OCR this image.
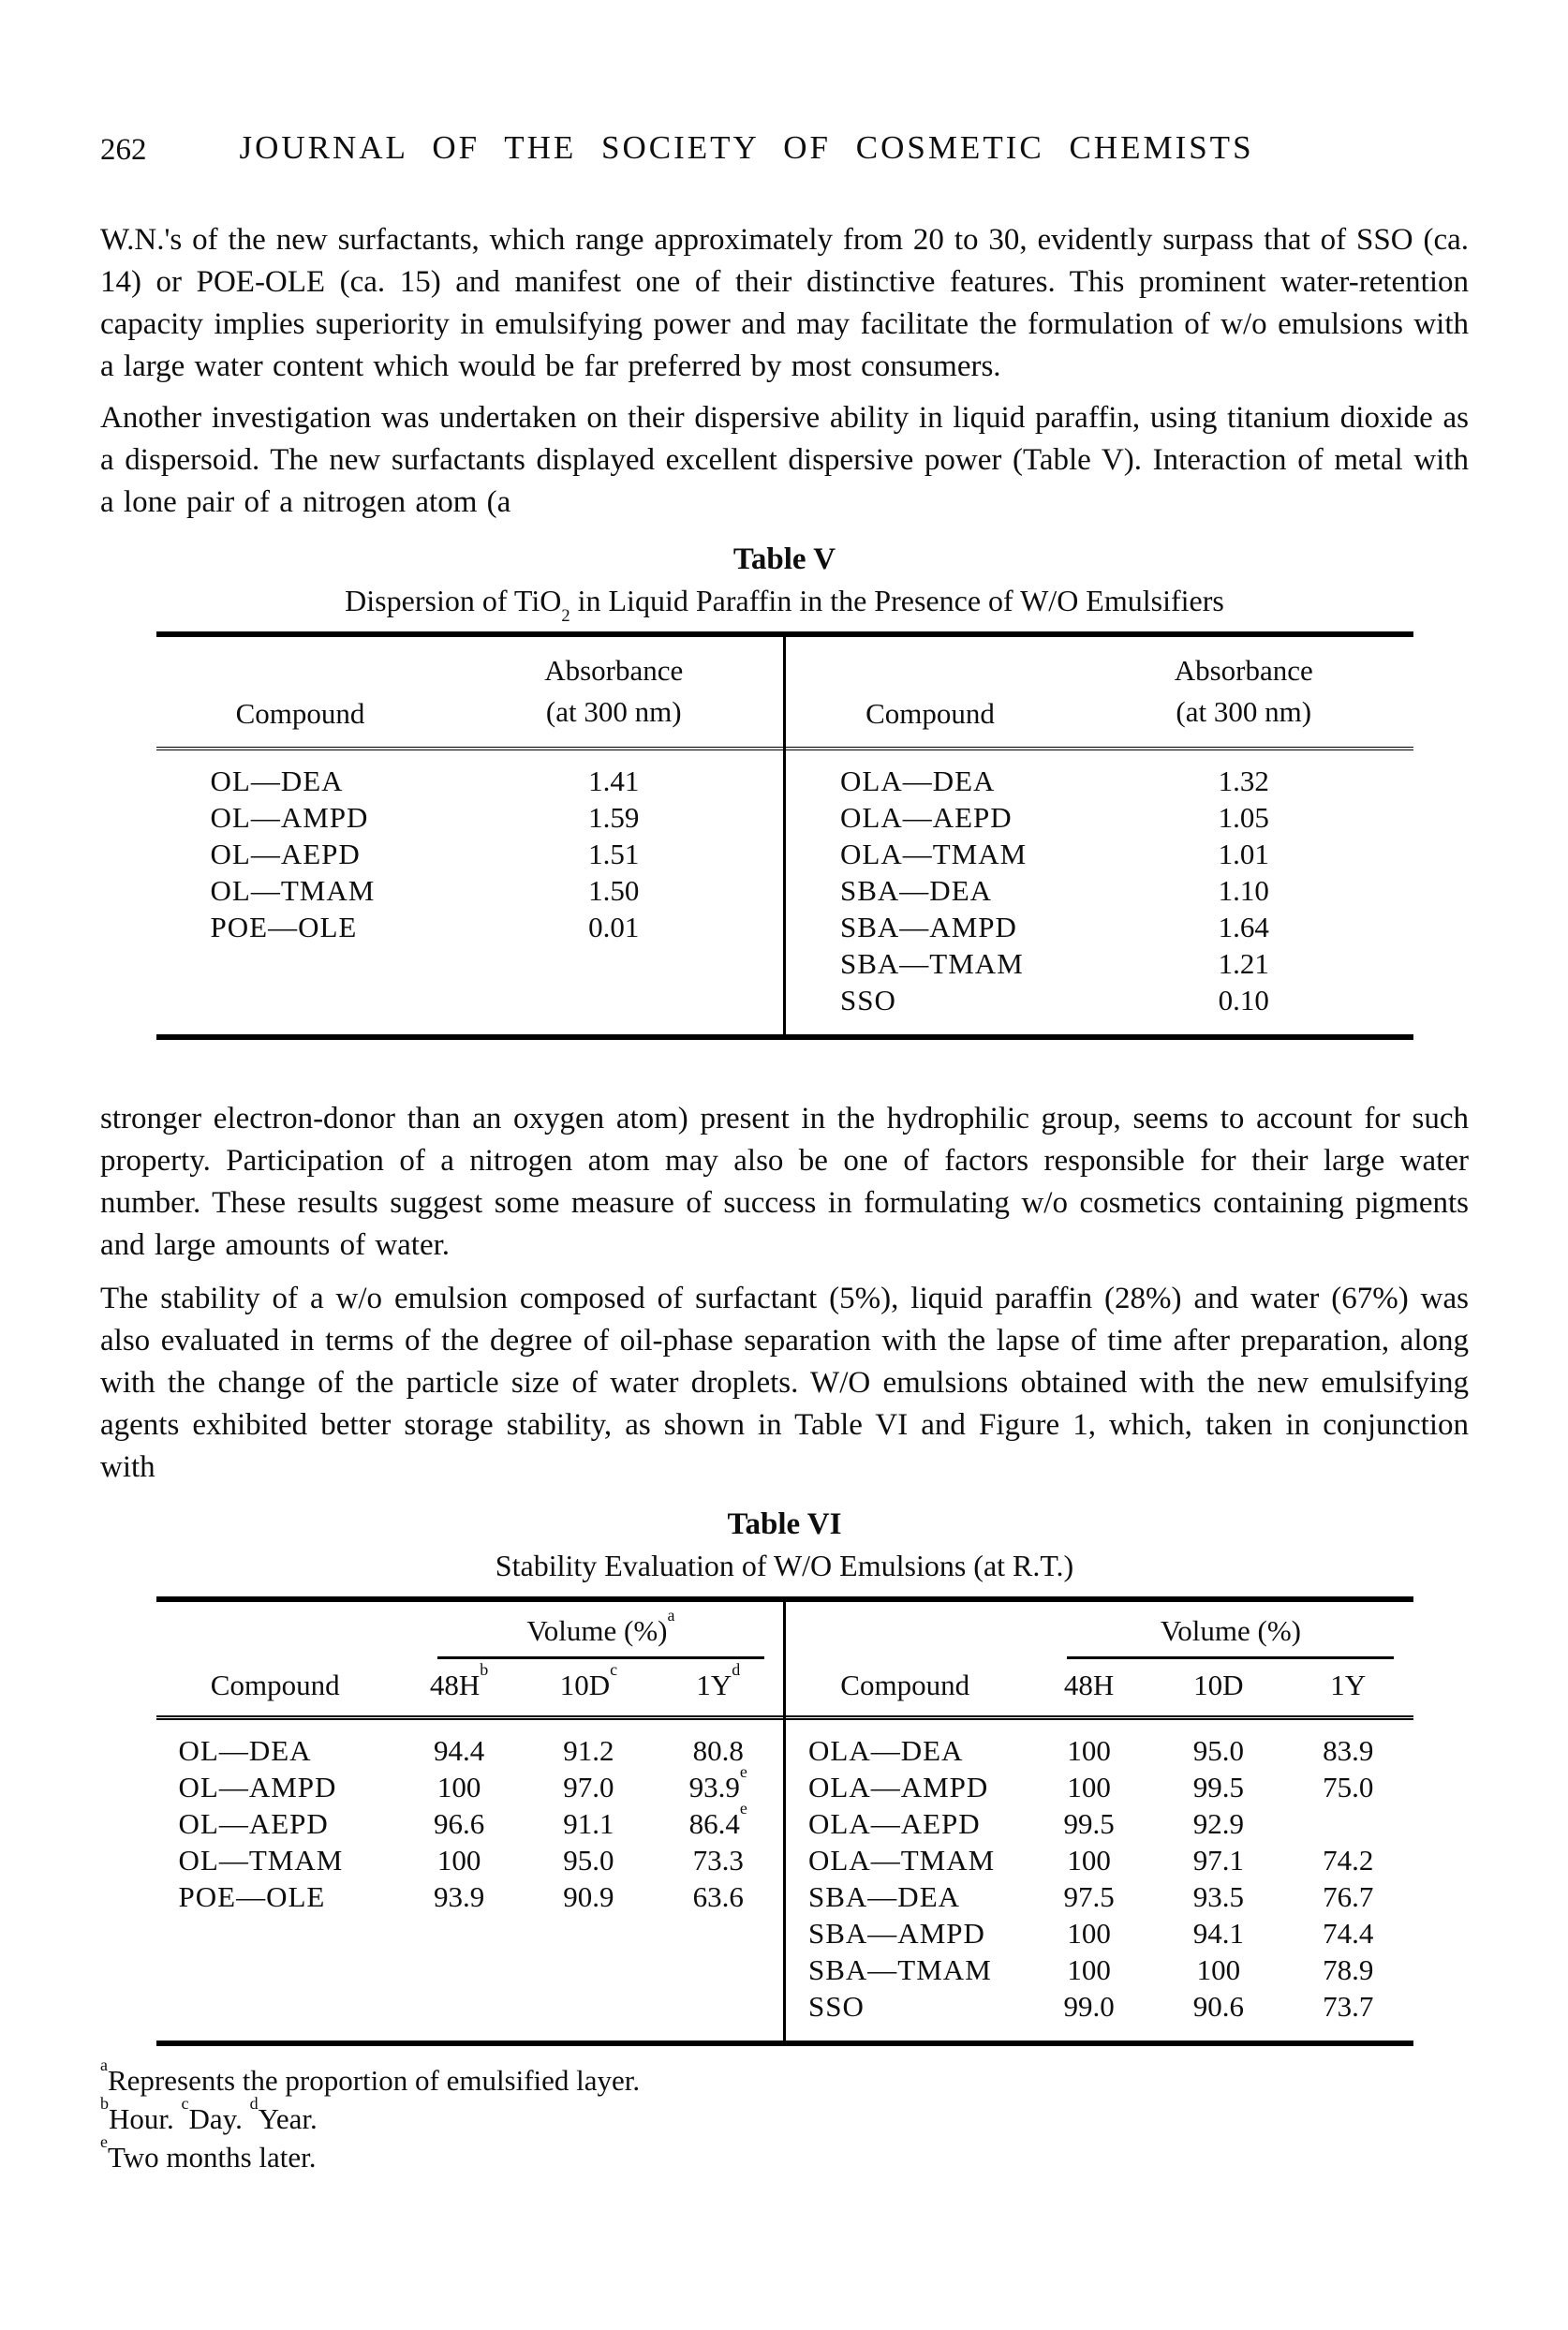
262	JOURNAL OF THE SOCIETY OF COSMETIC CHEMISTS

W.N.'s of the new surfactants, which range approximately from 20 to 30, evidently surpass that of SSO (ca. 14) or POE-OLE (ca. 15) and manifest one of their distinctive features. This prominent water-retention capacity implies superiority in emulsifying power and may facilitate the formulation of w/o emulsions with a large water content which would be far preferred by most consumers.

Another investigation was undertaken on their dispersive ability in liquid paraffin, using titanium dioxide as a dispersoid. The new surfactants displayed excellent dispersive power (Table V). Interaction of metal with a lone pair of a nitrogen atom (a

Table V
Dispersion of TiO$_2$ in Liquid Paraffin in the Presence of W/O Emulsifiers
Compound
Absorbance
(at 300 nm)
OL—DEA	1.41
OL—AMPD	1.59
OL—AEPD	1.51
OL—TMAM	1.50
POE—OLE	0.01
Compound
Absorbance
(at 300 nm)
OLA—DEA	1.32
OLA—AEPD	1.05
OLA—TMAM	1.01
SBA—DEA	1.10
SBA—AMPD	1.64
SBA—TMAM	1.21
SSO	0.10

stronger electron-donor than an oxygen atom) present in the hydrophilic group, seems to account for such property. Participation of a nitrogen atom may also be one of factors responsible for their large water number. These results suggest some measure of success in formulating w/o cosmetics containing pigments and large amounts of water.

The stability of a w/o emulsion composed of surfactant (5%), liquid paraffin (28%) and water (67%) was also evaluated in terms of the degree of oil-phase separation with the lapse of time after preparation, along with the change of the particle size of water droplets. W/O emulsions obtained with the new emulsifying agents exhibited better storage stability, as shown in Table VI and Figure 1, which, taken in conjunction with

Table VI
Stability Evaluation of W/O Emulsions (at R.T.)
Volume (%)$^a$
Compound	$48H^b$	$10D^c$	$1Y^d$
OL—DEA	94.4	91.2	80.8
OL—AMPD	100	97.0	93.9e
OL—AEPD	96.6	91.1	86.4e
OL—TMAM	100	95.0	73.3
POE—OLE	93.9	90.9	63.6
Volume (%)
Compound	48H	10D	1Y
OLA—DEA	100	95.0	83.9
OLA—AMPD	100	99.5	75.0
OLA—AEPD	99.5	92.9
OLA—TMAM	100	97.1	74.2
SBA—DEA	97.5	93.5	76.7
SBA—AMPD	100	94.1	74.4
SBA—TMAM	100	100	78.9
SSO	99.0	90.6	73.7
$^a$Represents the proportion of emulsified layer.
$^b$Hour. $^c$Day. $^d$Year.
$^e$Two months later.
